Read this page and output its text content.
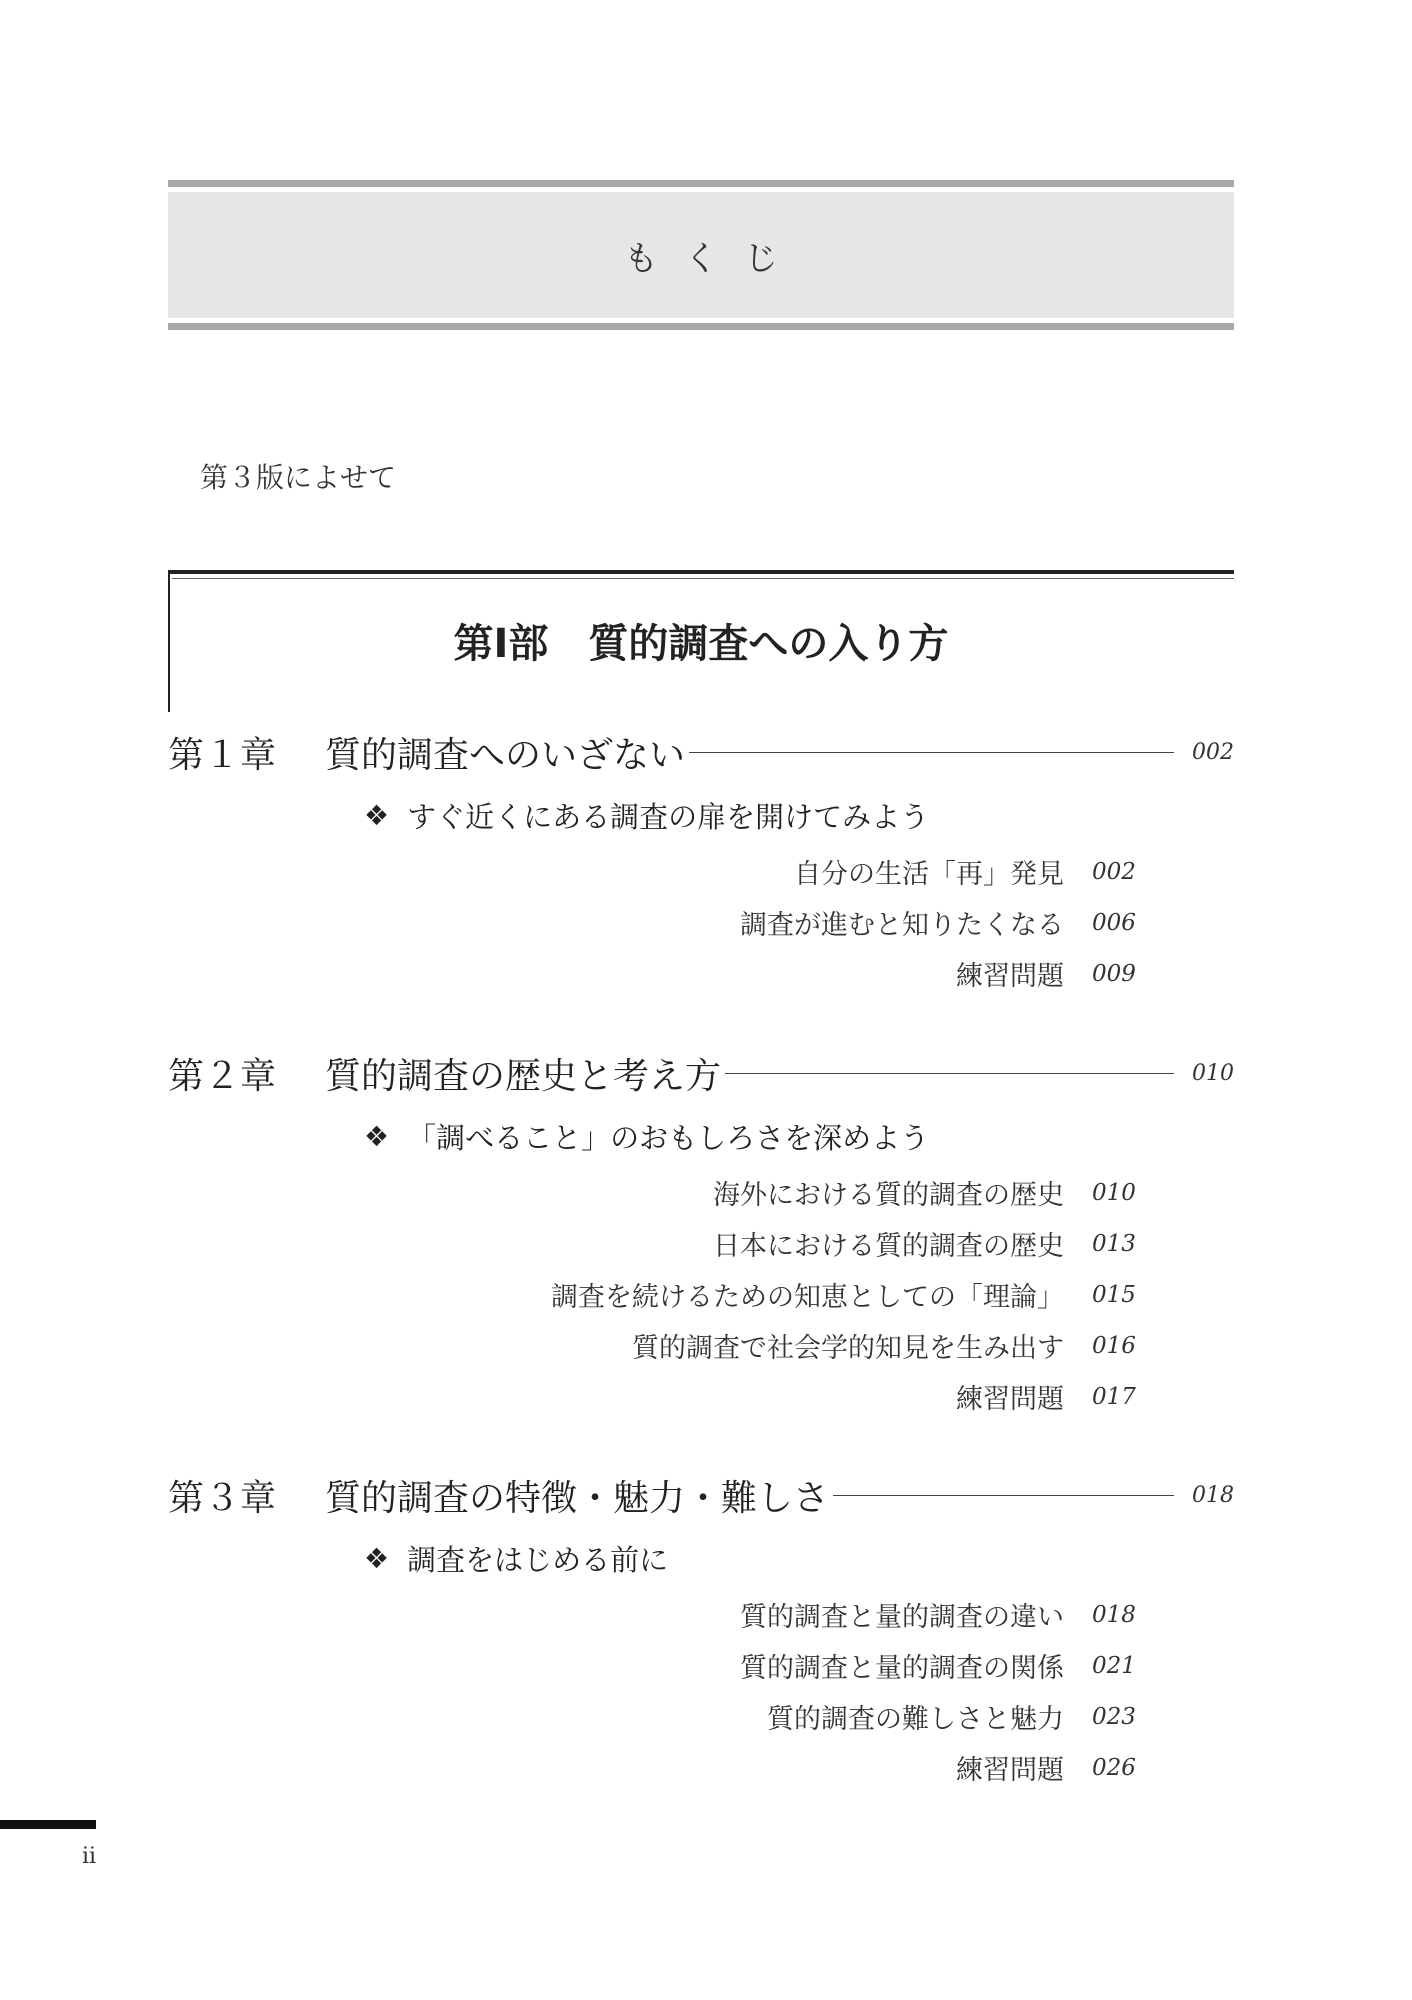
もくじ
第３版によせて
第Ⅰ部　質的調査への入り方
第１章	質的調査へのいざない	002
❖ すぐ近くにある調査の扉を開けてみよう
自分の生活「再」発見 002
調査が進むと知りたくなる 006
練習問題 009
第２章	質的調査の歴史と考え方	010
❖ 「調べること」のおもしろさを深めよう
海外における質的調査の歴史 010
日本における質的調査の歴史 013
調査を続けるための知恵としての「理論」 015
質的調査で社会学的知見を生み出す 016
練習問題 017
第３章	質的調査の特徴・魅力・難しさ	018
❖ 調査をはじめる前に
質的調査と量的調査の違い 018
質的調査と量的調査の関係 021
質的調査の難しさと魅力 023
練習問題 026
ii
